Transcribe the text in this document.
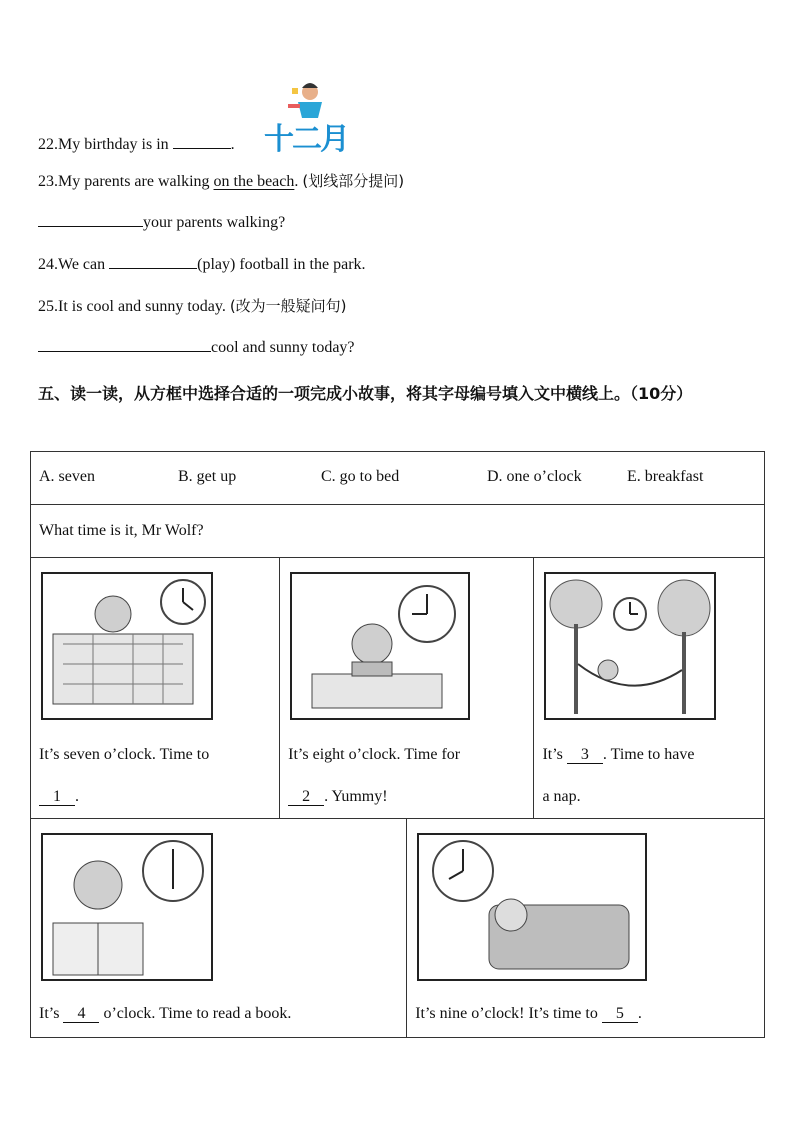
十二月
22.My birthday is in	.
23.My parents are walking on the beach. (划线部分提问)
your parents walking?
24.We can	(play) football in the park.
25.It is cool and sunny today. (改为一般疑问句)
cool and sunny today?
五、读一读，从方框中选择合适的一项完成小故事，将其字母编号填入文中横线上。（10分）
A. seven B. get up C. go to bed D. one o’clock E. breakfast			

What time is it, Mr Wolf?			

It’s seven o’clock. Time to
1 .	It’s eight o’clock. Time for
2 . Yummy!		It’s 3 . Time to have
a nap.

It’s 4 o’clock. Time to read a book.		It’s nine o’clock! It’s time to 5 .	
